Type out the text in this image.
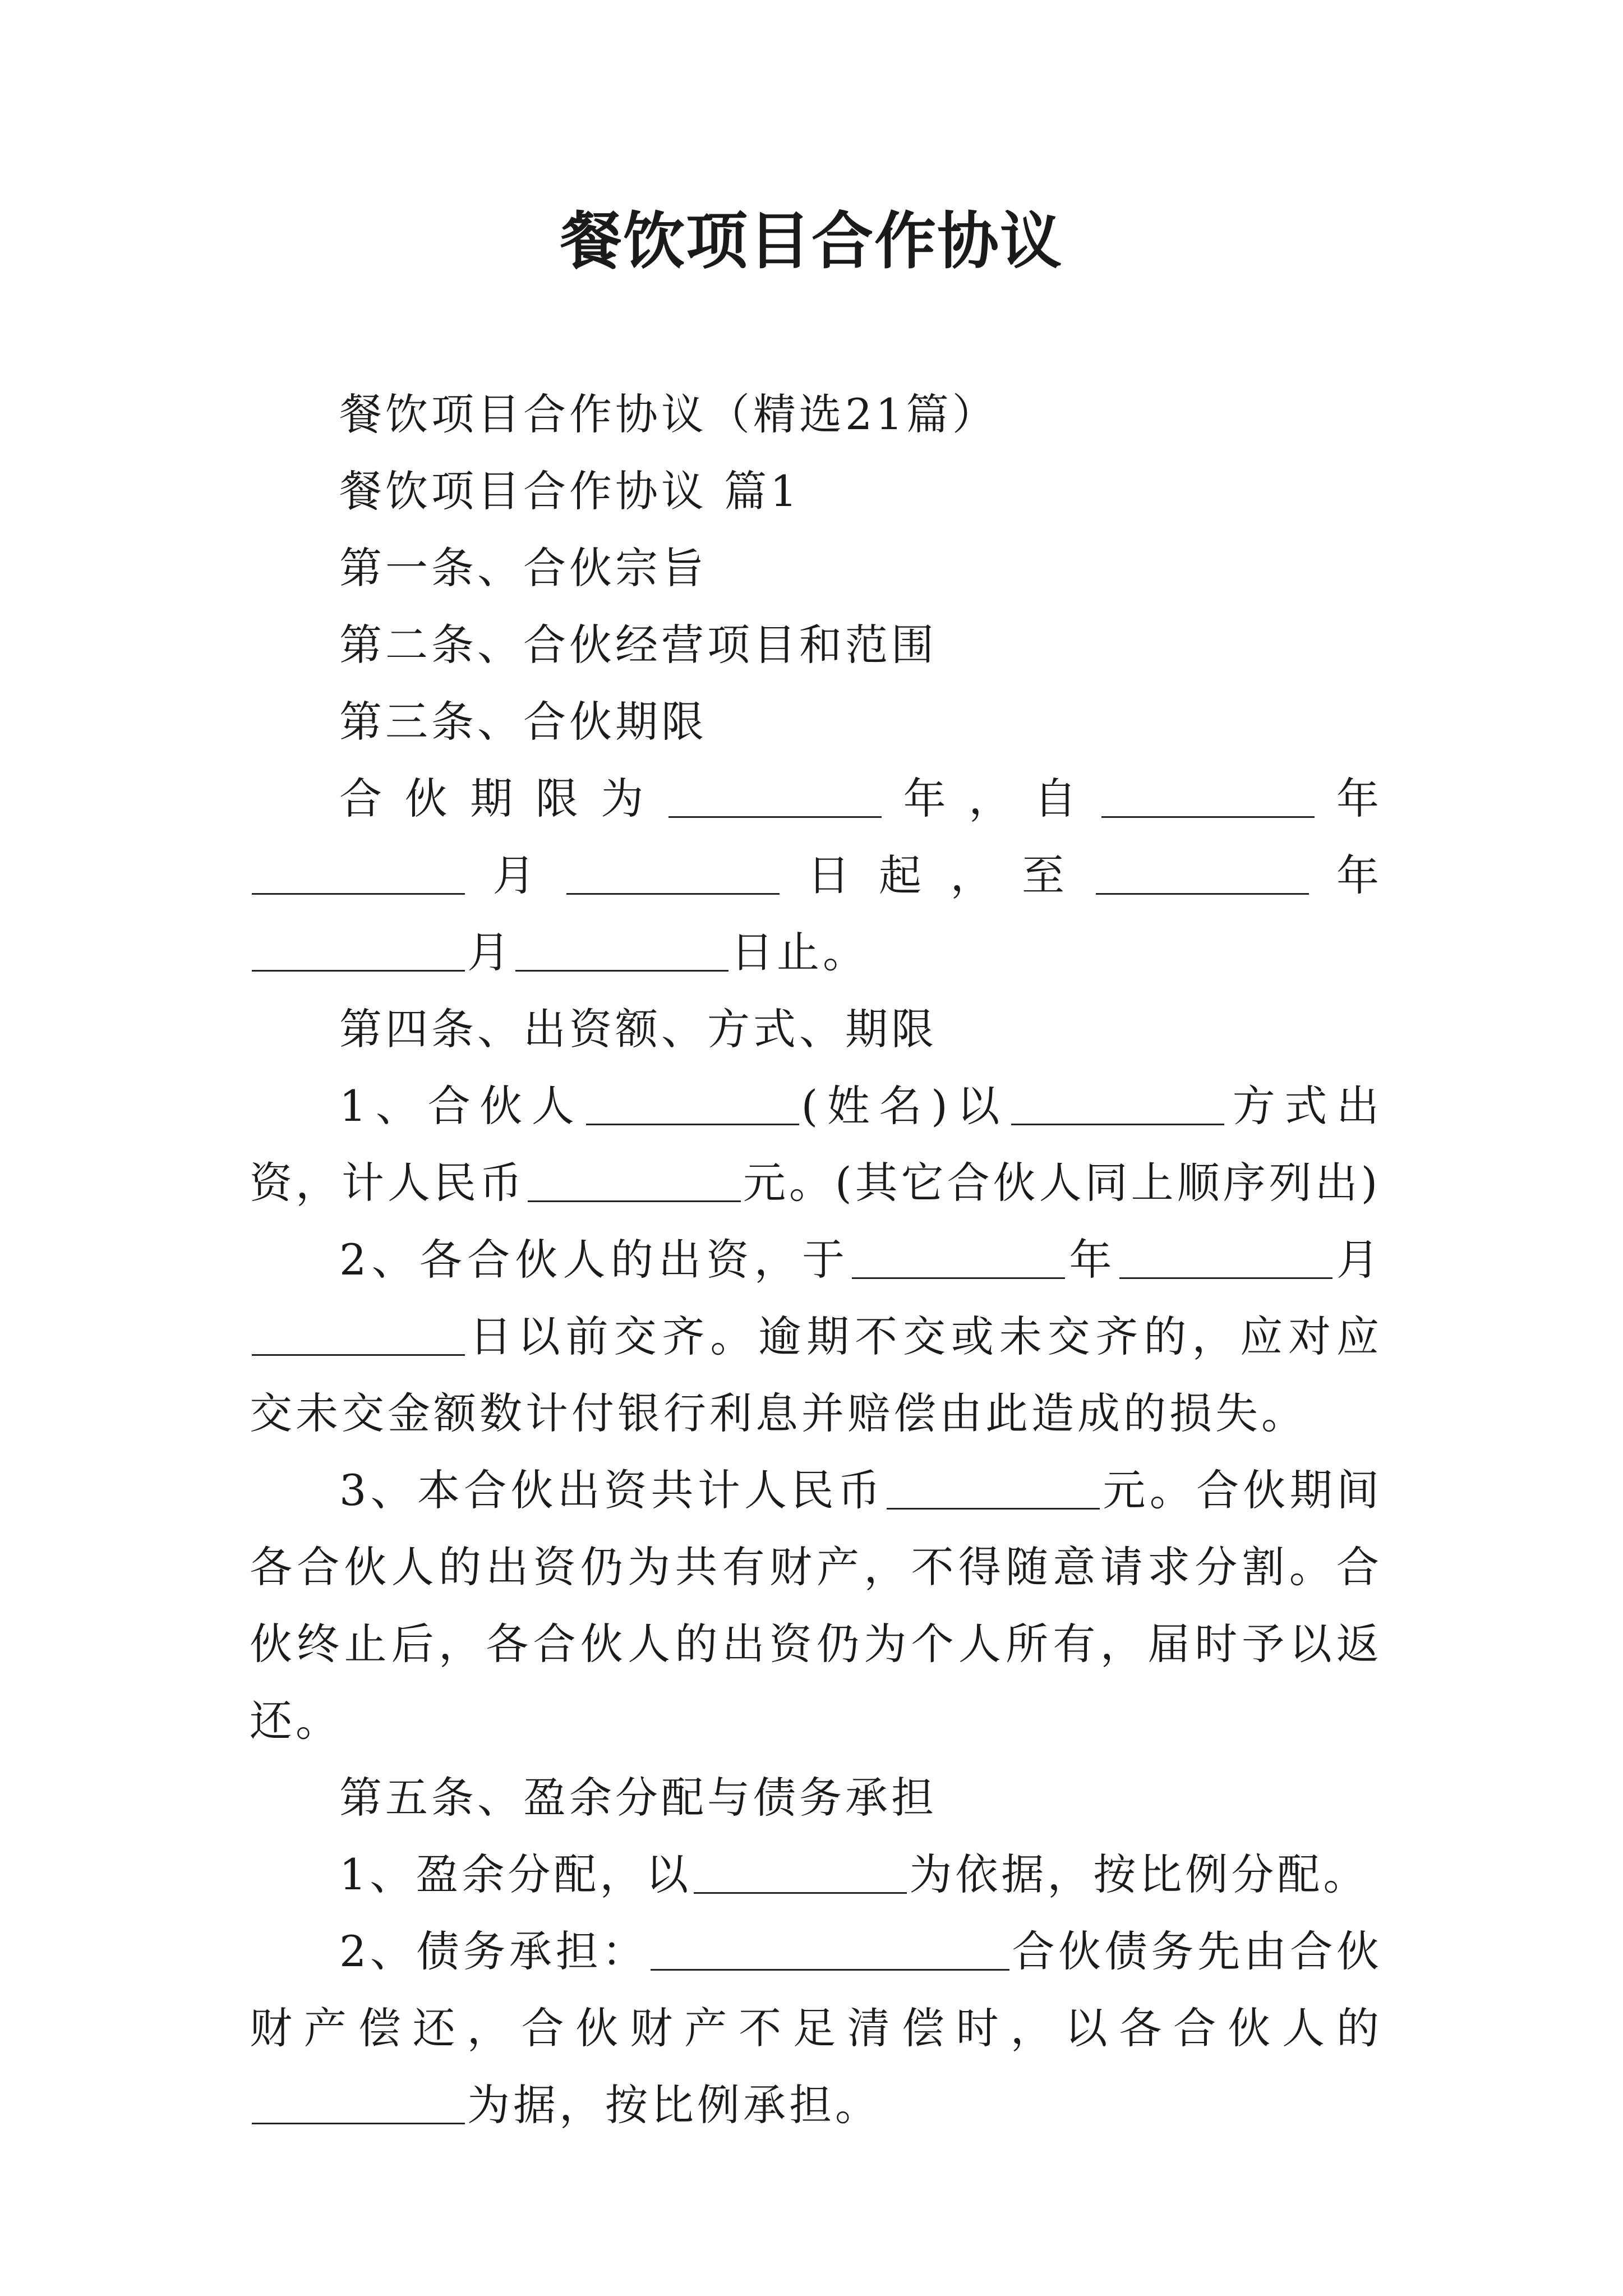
餐饮项目合作协议

餐饮项目合作协议（精选21篇）

餐饮项目合作协议 篇1

第一条、合伙宗旨

第二条、合伙经营项目和范围

第三条、合伙期限

合伙期限为	年，自	年月	日起，至	年月	日止。

第四条、出资额、方式、期限

1、合伙人	(姓名)以	方式出资，计人民币	元。(其它合伙人同上顺序列出)

2、各合伙人的出资，于	年	月日以前交齐。逾期不交或未交齐的，应对应交未交金额数计付银行利息并赔偿由此造成的损失。

3、本合伙出资共计人民币	元。合伙期间各合伙人的出资仍为共有财产，不得随意请求分割。合伙终止后，各合伙人的出资仍为个人所有，届时予以返还。

第五条、盈余分配与债务承担

1、盈余分配，以	为依据，按比例分配。

2、债务承担：	合伙债务先由合伙财产偿还，合伙财产不足清偿时，以各合伙人的为据，按比例承担。
